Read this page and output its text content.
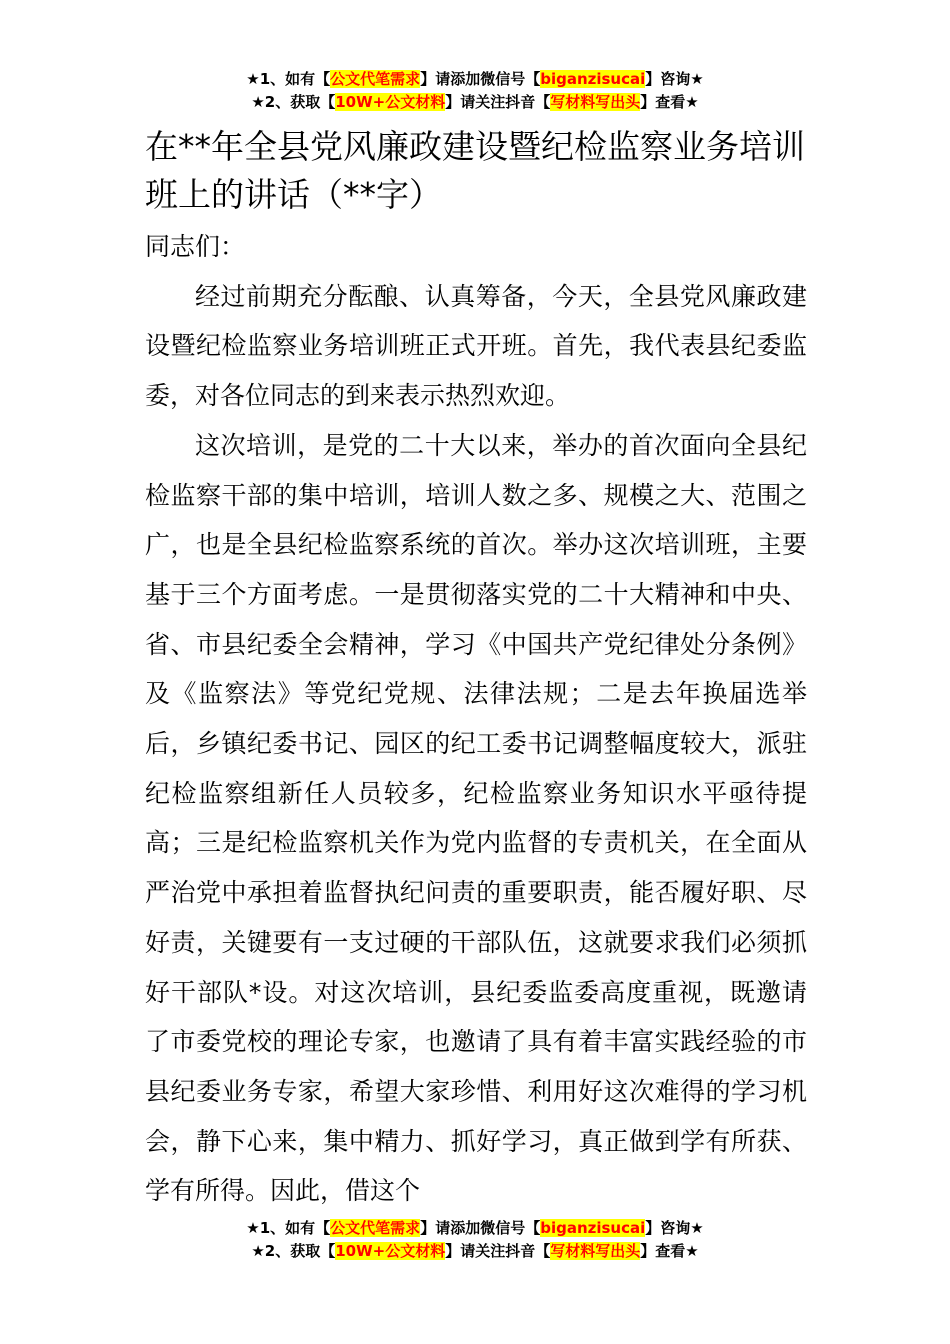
★1、如有【公文代笔需求】请添加微信号【biganzisucai】咨询★
★2、获取【10W+公文材料】请关注抖音【写材料写出头】查看★
在**年全县党风廉政建设暨纪检监察业务培训班上的讲话（**字）

同志们：

经过前期充分酝酿、认真筹备，今天，全县党风廉政建设暨纪检监察业务培训班正式开班。首先，我代表县纪委监委，对各位同志的到来表示热烈欢迎。

这次培训，是党的二十大以来，举办的首次面向全县纪检监察干部的集中培训，培训人数之多、规模之大、范围之广，也是全县纪检监察系统的首次。举办这次培训班，主要基于三个方面考虑。一是贯彻落实党的二十大精神和中央、省、市县纪委全会精神，学习《中国共产党纪律处分条例》及《监察法》等党纪党规、法律法规；二是去年换届选举后，乡镇纪委书记、园区的纪工委书记调整幅度较大，派驻纪检监察组新任人员较多，纪检监察业务知识水平亟待提高；三是纪检监察机关作为党内监督的专责机关，在全面从严治党中承担着监督执纪问责的重要职责，能否履好职、尽好责，关键要有一支过硬的干部队伍，这就要求我们必须抓好干部队*设。对这次培训，县纪委监委高度重视，既邀请了市委党校的理论专家，也邀请了具有着丰富实践经验的市县纪委业务专家，希望大家珍惜、利用好这次难得的学习机会，静下心来，集中精力、抓好学习，真正做到学有所获、学有所得。因此，借这个

★1、如有【公文代笔需求】请添加微信号【biganzisucai】咨询★
★2、获取【10W+公文材料】请关注抖音【写材料写出头】查看★
